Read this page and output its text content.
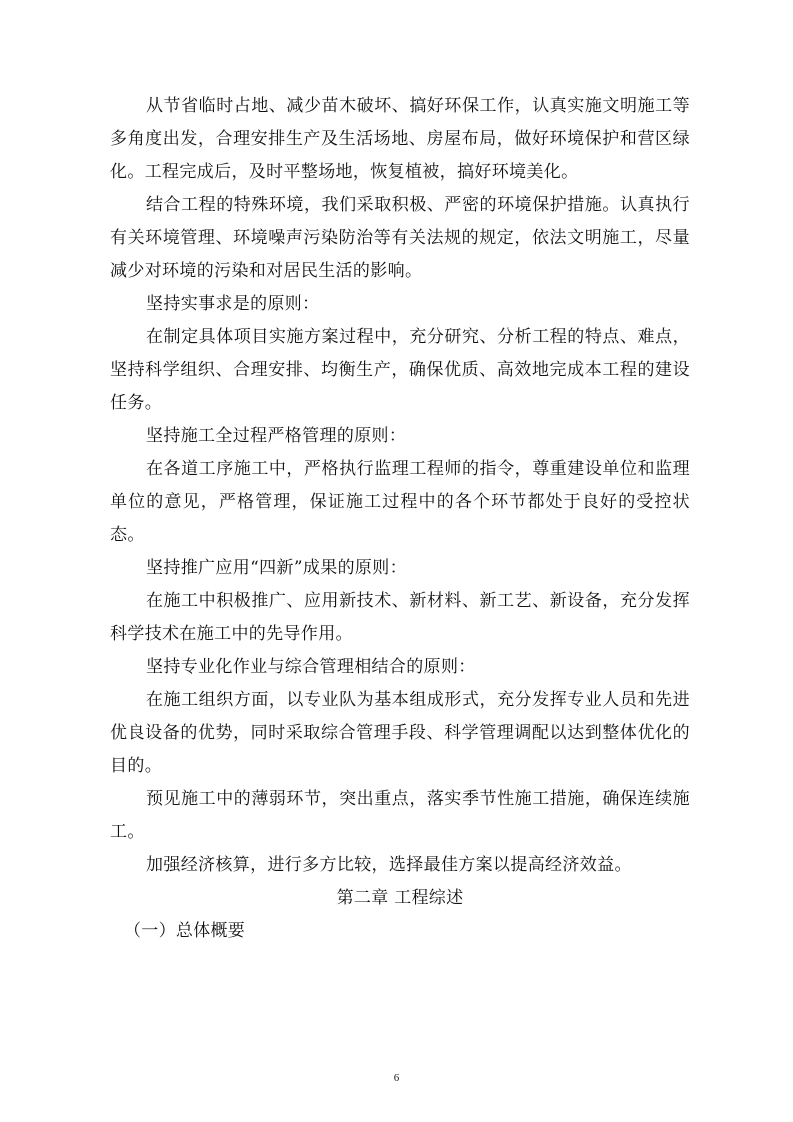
从节省临时占地、减少苗木破坏、搞好环保工作，认真实施文明施工等多角度出发，合理安排生产及生活场地、房屋布局，做好环境保护和营区绿化。工程完成后，及时平整场地，恢复植被，搞好环境美化。

结合工程的特殊环境，我们采取积极、严密的环境保护措施。认真执行有关环境管理、环境噪声污染防治等有关法规的规定，依法文明施工，尽量减少对环境的污染和对居民生活的影响。

坚持实事求是的原则：

在制定具体项目实施方案过程中，充分研究、分析工程的特点、难点，坚持科学组织、合理安排、均衡生产，确保优质、高效地完成本工程的建设任务。

坚持施工全过程严格管理的原则：

在各道工序施工中，严格执行监理工程师的指令，尊重建设单位和监理单位的意见，严格管理，保证施工过程中的各个环节都处于良好的受控状态。

坚持推广应用“四新”成果的原则：

在施工中积极推广、应用新技术、新材料、新工艺、新设备，充分发挥科学技术在施工中的先导作用。

坚持专业化作业与综合管理相结合的原则：

在施工组织方面，以专业队为基本组成形式，充分发挥专业人员和先进优良设备的优势，同时采取综合管理手段、科学管理调配以达到整体优化的目的。

预见施工中的薄弱环节，突出重点，落实季节性施工措施，确保连续施工。

加强经济核算，进行多方比较，选择最佳方案以提高经济效益。

第二章 工程综述

（一）总体概要

6
